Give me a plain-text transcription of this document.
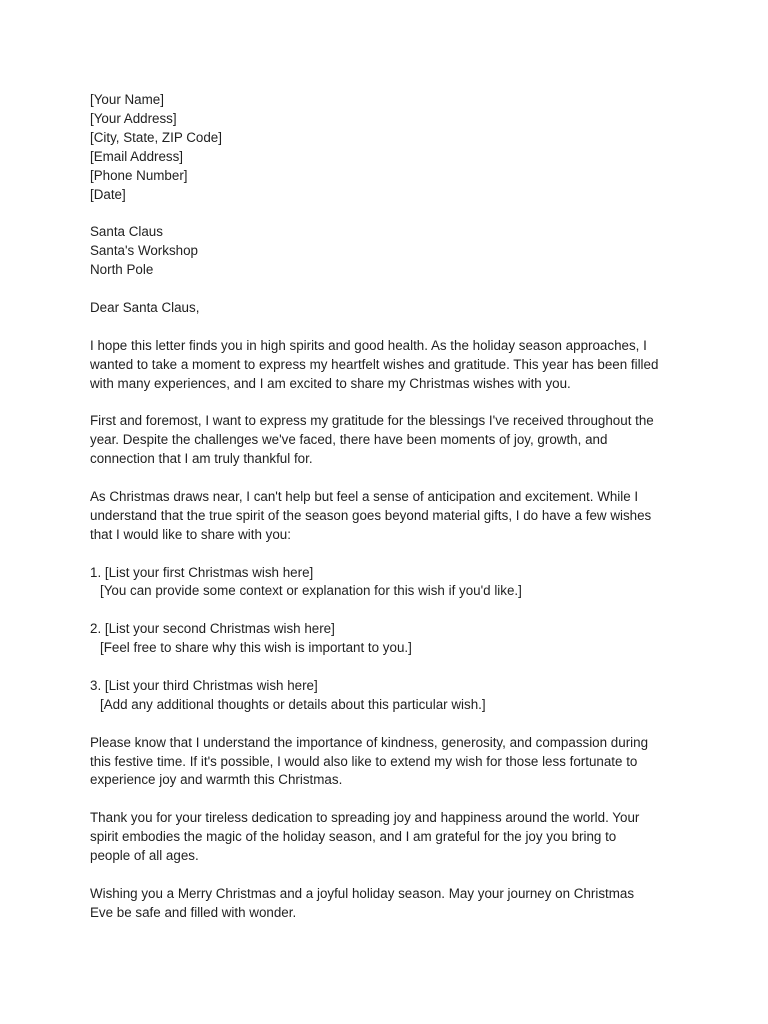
[Your Name]
[Your Address]
[City, State, ZIP Code]
[Email Address]
[Phone Number]
[Date]
Santa Claus
Santa's Workshop
North Pole
Dear Santa Claus,
I hope this letter finds you in high spirits and good health. As the holiday season approaches, I
wanted to take a moment to express my heartfelt wishes and gratitude. This year has been filled
with many experiences, and I am excited to share my Christmas wishes with you.
First and foremost, I want to express my gratitude for the blessings I've received throughout the
year. Despite the challenges we've faced, there have been moments of joy, growth, and
connection that I am truly thankful for.
As Christmas draws near, I can't help but feel a sense of anticipation and excitement. While I
understand that the true spirit of the season goes beyond material gifts, I do have a few wishes
that I would like to share with you:
1. [List your first Christmas wish here]
[You can provide some context or explanation for this wish if you'd like.]
2. [List your second Christmas wish here]
[Feel free to share why this wish is important to you.]
3. [List your third Christmas wish here]
[Add any additional thoughts or details about this particular wish.]
Please know that I understand the importance of kindness, generosity, and compassion during
this festive time. If it's possible, I would also like to extend my wish for those less fortunate to
experience joy and warmth this Christmas.
Thank you for your tireless dedication to spreading joy and happiness around the world. Your
spirit embodies the magic of the holiday season, and I am grateful for the joy you bring to
people of all ages.
Wishing you a Merry Christmas and a joyful holiday season. May your journey on Christmas
Eve be safe and filled with wonder.
